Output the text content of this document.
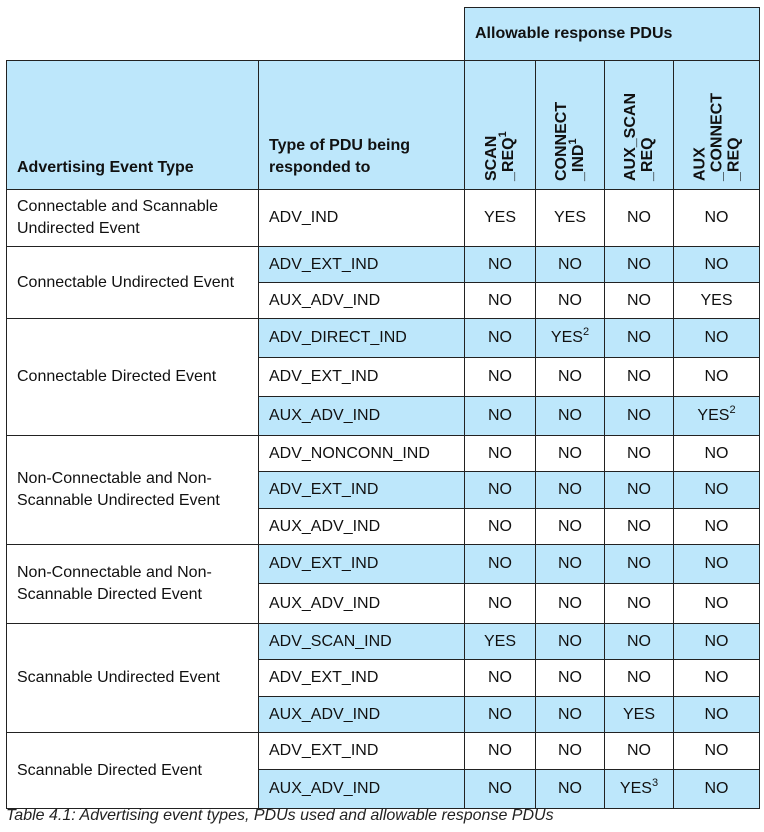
		Allowable response PDUs			
Advertising Event Type	Type of PDU being responded to	SCAN _REQ$^1$	CONNECT _IND$^1$	AUX_SCAN _REQ	AUX _CONNECT _REQ

Connectable and Scannable Undirected Event	ADV_IND	YES	YES	NO	NO
Connectable Undirected Event	ADV_EXT_IND	NO	NO	NO	NO
	AUX_ADV_IND	NO	NO	NO	YES
Connectable Directed Event	ADV_DIRECT_IND	NO	YES$^2$	NO	NO
	ADV_EXT_IND	NO	NO	NO	NO
	AUX_ADV_IND	NO	NO	NO	YES$^2$
Non-Connectable and Non-Scannable Undirected Event	ADV_NONCONN_IND	NO	NO	NO	NO
	ADV_EXT_IND	NO	NO	NO	NO
	AUX_ADV_IND	NO	NO	NO	NO
Non-Connectable and Non-Scannable Directed Event	ADV_EXT_IND	NO	NO	NO	NO
	AUX_ADV_IND	NO	NO	NO	NO
Scannable Undirected Event	ADV_SCAN_IND	YES	NO	NO	NO
	ADV_EXT_IND	NO	NO	NO	NO
	AUX_ADV_IND	NO	NO	YES	NO
Scannable Directed Event	ADV_EXT_IND	NO	NO	NO	NO
	AUX_ADV_IND	NO	NO	YES$^3$	NO
Table 4.1: Advertising event types, PDUs used and allowable response PDUs
